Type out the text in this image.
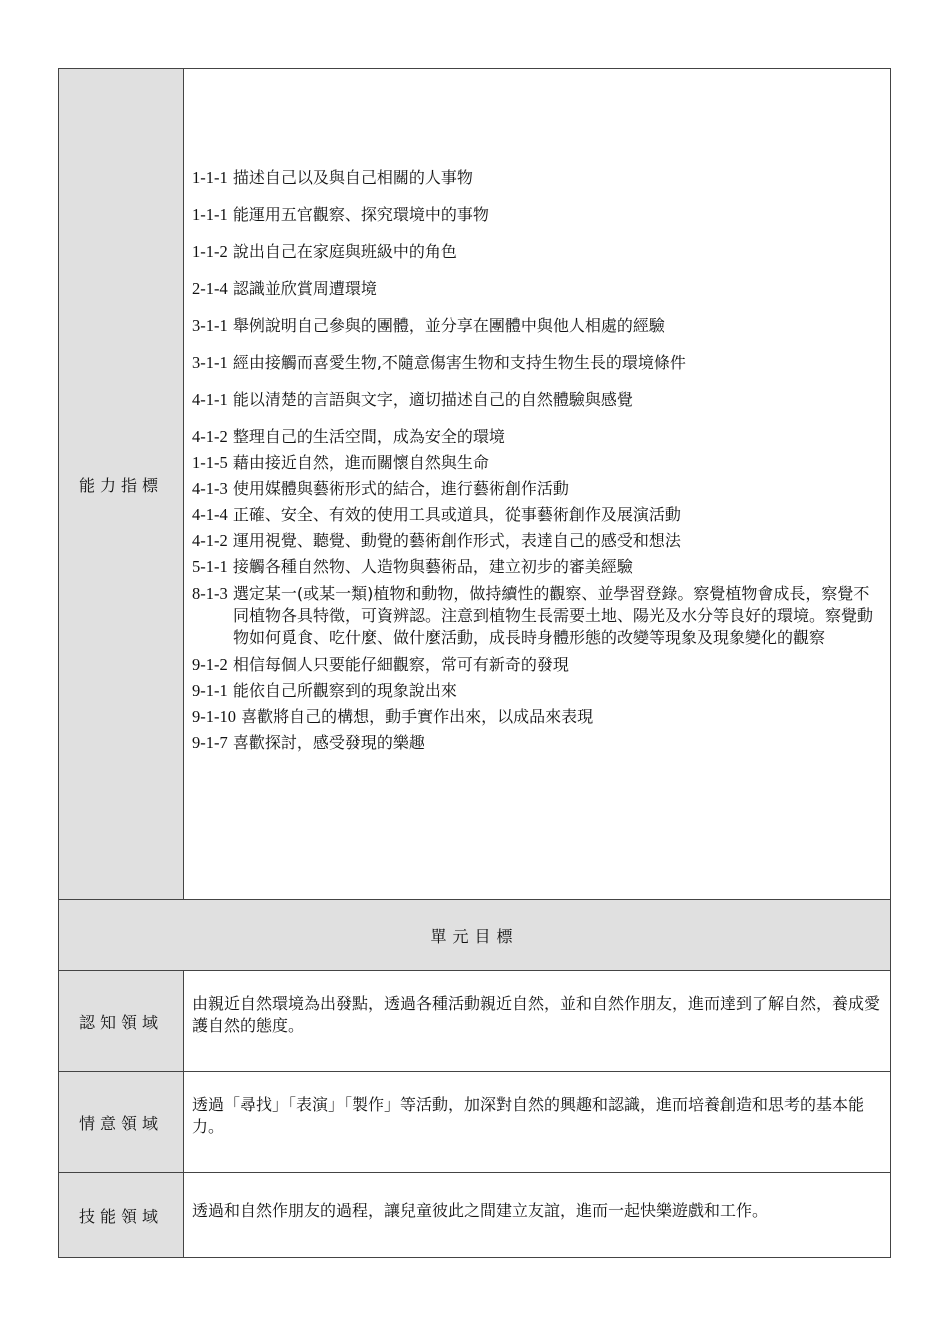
能力指標
1-1-1 描述自己以及與自己相關的人事物
1-1-1 能運用五官觀察、探究環境中的事物
1-1-2 說出自己在家庭與班級中的角色
2-1-4 認識並欣賞周遭環境
3-1-1 舉例說明自己參與的團體，並分享在團體中與他人相處的經驗
3-1-1 經由接觸而喜愛生物,不隨意傷害生物和支持生物生長的環境條件
4-1-1 能以清楚的言語與文字，適切描述自己的自然體驗與感覺
4-1-2 整理自己的生活空間，成為安全的環境
1-1-5 藉由接近自然，進而關懷自然與生命
4-1-3 使用媒體與藝術形式的結合，進行藝術創作活動
4-1-4 正確、安全、有效的使用工具或道具，從事藝術創作及展演活動
4-1-2 運用視覺、聽覺、動覺的藝術創作形式，表達自己的感受和想法
5-1-1 接觸各種自然物、人造物與藝術品，建立初步的審美經驗
8-1-3 選定某一(或某一類)植物和動物，做持續性的觀察、並學習登錄。察覺植物會成長，察覺不同植物各具特徵，可資辨認。注意到植物生長需要土地、陽光及水分等良好的環境。察覺動物如何覓食、吃什麼、做什麼活動，成長時身體形態的改變等現象及現象變化的觀察
9-1-2 相信每個人只要能仔細觀察，常可有新奇的發現
9-1-1 能依自己所觀察到的現象說出來
9-1-10 喜歡將自己的構想，動手實作出來，以成品來表現
9-1-7 喜歡探討，感受發現的樂趣
單元目標
認知領域
由親近自然環境為出發點，透過各種活動親近自然，並和自然作朋友，進而達到了解自然，養成愛護自然的態度。
情意領域
透過「尋找」「表演」「製作」等活動，加深對自然的興趣和認識，進而培養創造和思考的基本能力。
技能領域	透過和自然作朋友的過程，讓兒童彼此之間建立友誼，進而一起快樂遊戲和工作。
